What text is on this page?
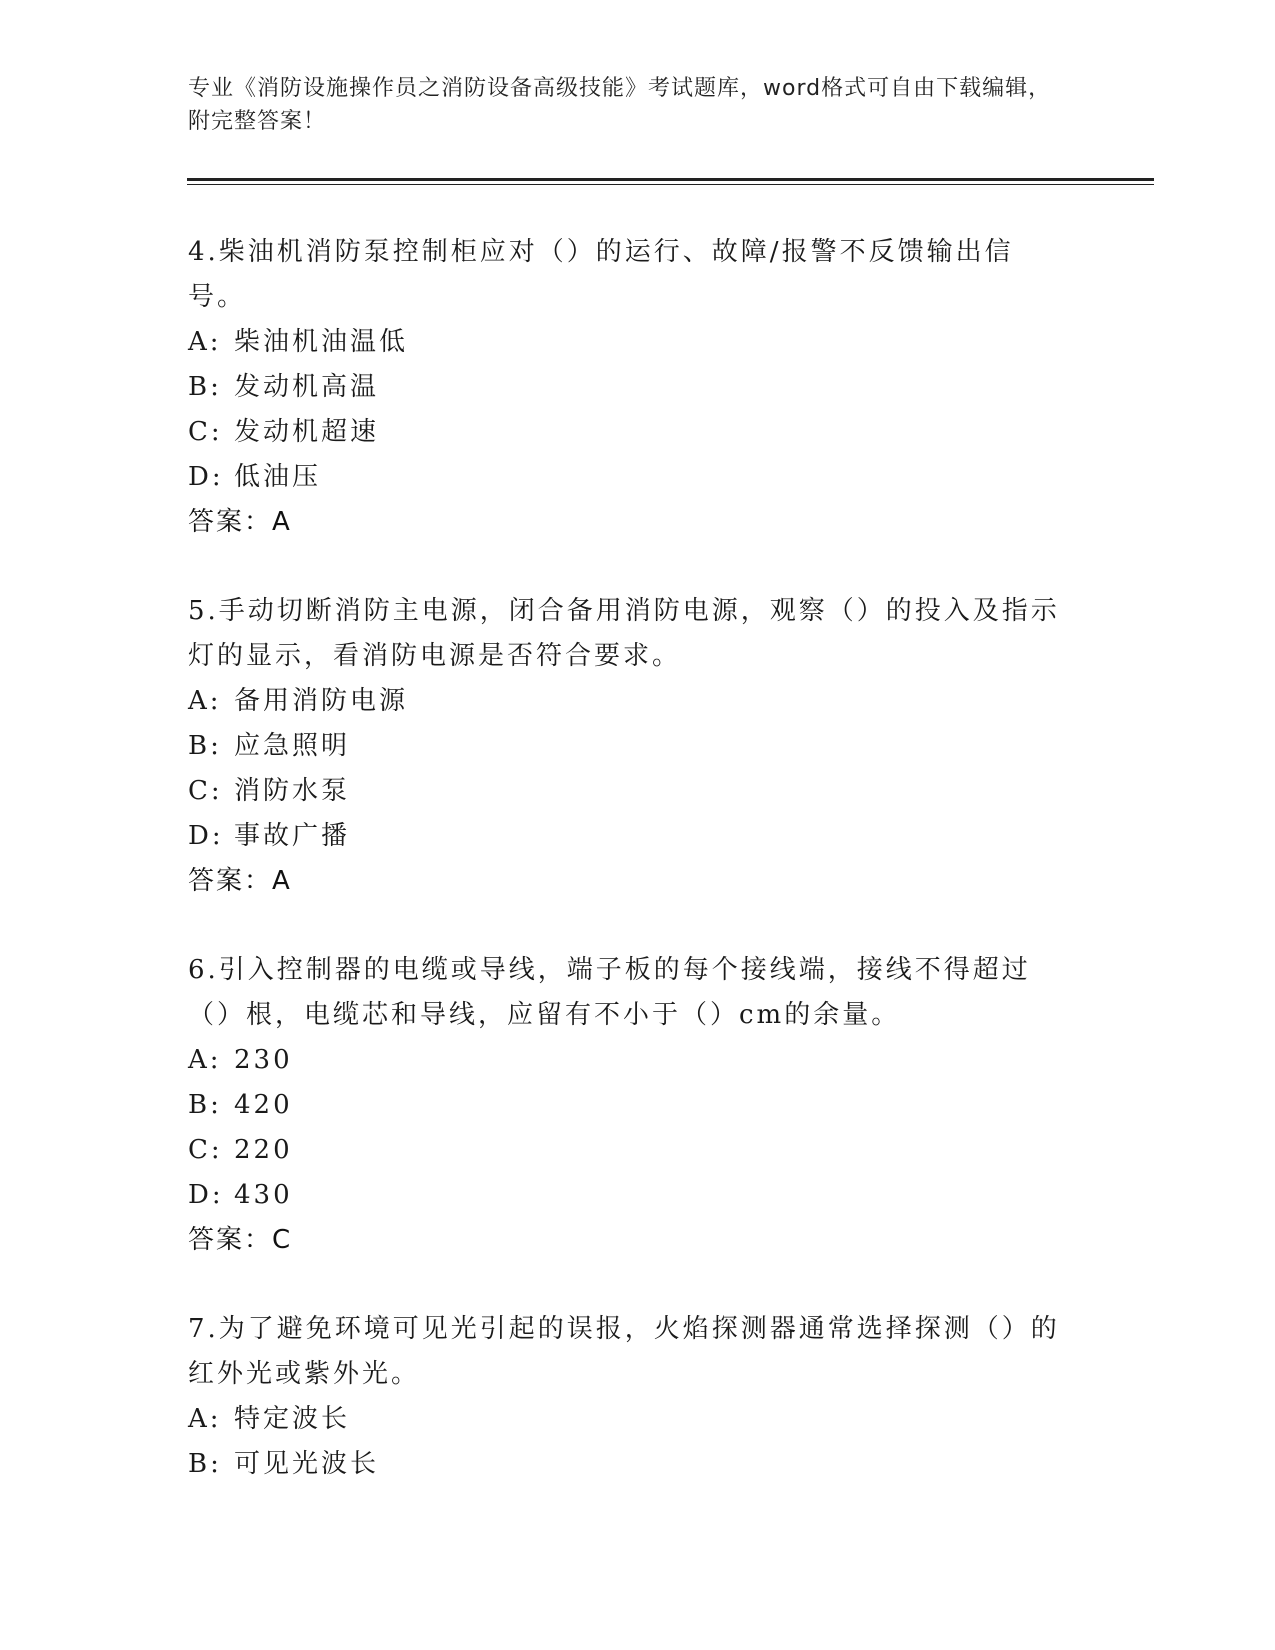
专业《消防设施操作员之消防设备高级技能》考试题库，word格式可自由下载编辑，附完整答案！

4.柴油机消防泵控制柜应对（）的运行、故障/报警不反馈输出信号。

A: 柴油机油温低

B: 发动机高温

C: 发动机超速

D: 低油压

答案：A

5.手动切断消防主电源，闭合备用消防电源，观察（）的投入及指示灯的显示，看消防电源是否符合要求。

A: 备用消防电源

B: 应急照明

C: 消防水泵

D: 事故广播

答案：A

6.引入控制器的电缆或导线，端子板的每个接线端，接线不得超过（）根，电缆芯和导线，应留有不小于（）cm的余量。

A: 230

B: 420

C: 220

D: 430

答案：C

7.为了避免环境可见光引起的误报，火焰探测器通常选择探测（）的红外光或紫外光。

A: 特定波长

B: 可见光波长
